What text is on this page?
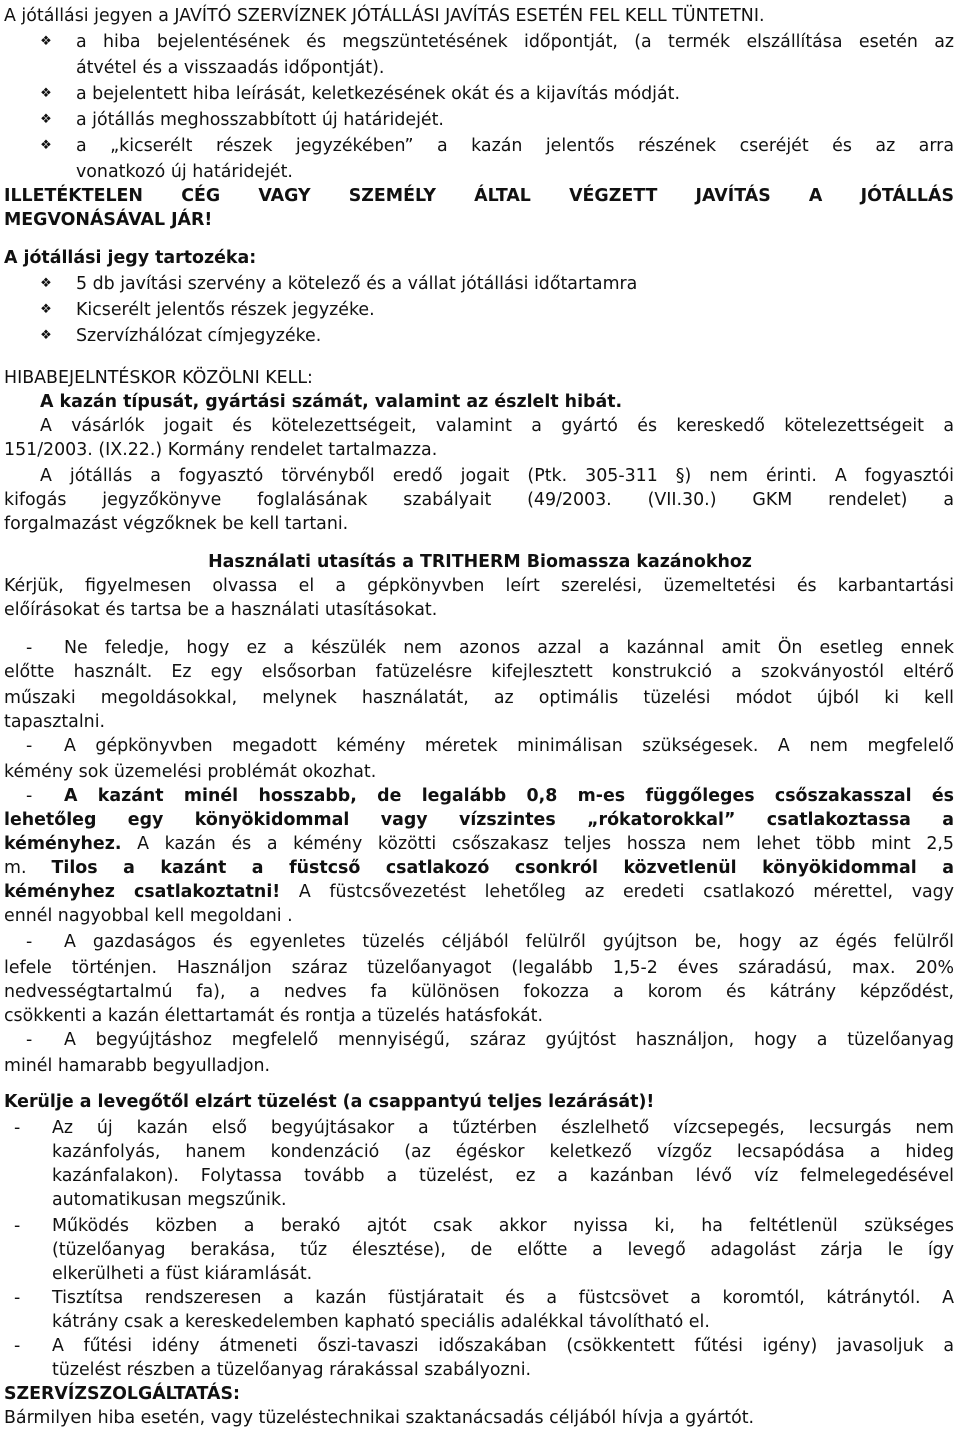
A jótállási jegyen a JAVÍTÓ SZERVÍZNEK JÓTÁLLÁSI JAVÍTÁS ESETÉN FEL KELL TÜNTETNI.
❖ a hiba bejelentésének és megszüntetésének időpontját, (a termék elszállítása esetén az
átvétel és a visszaadás időpontját).
❖ a bejelentett hiba leírását, keletkezésének okát és a kijavítás módját.
❖ a jótállás meghosszabbított új határidejét.
❖ a „kicserélt részek jegyzékében” a kazán jelentős részének cseréjét és az arra
vonatkozó új határidejét.
ILLETÉKTELEN CÉG VAGY SZEMÉLY ÁLTAL VÉGZETT JAVÍTÁS A JÓTÁLLÁS
MEGVONÁSÁVAL JÁR!
A jótállási jegy tartozéka:
❖ 5 db javítási szervény a kötelező és a vállat jótállási időtartamra
❖ Kicserélt jelentős részek jegyzéke.
❖ Szervízhálózat címjegyzéke.
HIBABEJELNTÉSKOR KÖZÖLNI KELL:
A kazán típusát, gyártási számát, valamint az észlelt hibát.
A vásárlók jogait és kötelezettségeit, valamint a gyártó és kereskedő kötelezettségeit a
151/2003. (IX.22.) Kormány rendelet tartalmazza.
A jótállás a fogyasztó törvényből eredő jogait (Ptk. 305-311 §) nem érinti. A fogyasztói
kifogás jegyzőkönyve foglalásának szabályait (49/2003. (VII.30.) GKM rendelet) a
forgalmazást végzőknek be kell tartani.
Használati utasítás a TRITHERM Biomassza kazánokhoz
Kérjük, figyelmesen olvassa el a gépkönyvben leírt szerelési, üzemeltetési és karbantartási
előírásokat és tartsa be a használati utasításokat.
- Ne feledje, hogy ez a készülék nem azonos azzal a kazánnal amit Ön esetleg ennek
előtte használt. Ez egy elsősorban fatüzelésre kifejlesztett konstrukció a szokványostól eltérő
műszaki megoldásokkal, melynek használatát, az optimális tüzelési módot újból ki kell
tapasztalni.
- A gépkönyvben megadott kémény méretek minimálisan szükségesek. A nem megfelelő
kémény sok üzemelési problémát okozhat.
- A kazánt minél hosszabb, de legalább 0,8 m-es függőleges csőszakasszal és
lehetőleg egy könyökidommal vagy vízszintes „rókatorokkal” csatlakoztassa a
kéményhez. A kazán és a kémény közötti csőszakasz teljes hossza nem lehet több mint 2,5
m. Tilos a kazánt a füstcső csatlakozó csonkról közvetlenül könyökidommal a
kéményhez csatlakoztatni! A füstcsővezetést lehetőleg az eredeti csatlakozó mérettel, vagy
ennél nagyobbal kell megoldani .
- A gazdaságos és egyenletes tüzelés céljából felülről gyújtson be, hogy az égés felülről
lefele történjen. Használjon száraz tüzelőanyagot (legalább 1,5-2 éves száradású, max. 20%
nedvességtartalmú fa), a nedves fa különösen fokozza a korom és kátrány képződést,
csökkenti a kazán élettartamát és rontja a tüzelés hatásfokát.
- A begyújtáshoz megfelelő mennyiségű, száraz gyújtóst használjon, hogy a tüzelőanyag
minél hamarabb begyulladjon.
Kerülje a levegőtől elzárt tüzelést (a csappantyú teljes lezárását)!
- Az új kazán első begyújtásakor a tűztérben észlelhető vízcsepegés, lecsurgás nem
kazánfolyás, hanem kondenzáció (az égéskor keletkező vízgőz lecsapódása a hideg
kazánfalakon). Folytassa tovább a tüzelést, ez a kazánban lévő víz felmelegedésével
automatikusan megszűnik.
- Működés közben a berakó ajtót csak akkor nyissa ki, ha feltétlenül szükséges
(tüzelőanyag berakása, tűz élesztése), de előtte a levegő adagolást zárja le így
elkerülheti a füst kiáramlását.
- Tisztítsa rendszeresen a kazán füstjáratait és a füstcsövet a koromtól, kátránytól. A
kátrány csak a kereskedelemben kapható speciális adalékkal távolítható el.
- A fűtési idény átmeneti őszi-tavaszi időszakában (csökkentett fűtési igény) javasoljuk a
tüzelést részben a tüzelőanyag rárakással szabályozni.
SZERVÍZSZOLGÁLTATÁS:
Bármilyen hiba esetén, vagy tüzeléstechnikai szaktanácsadás céljából hívja a gyártót.
